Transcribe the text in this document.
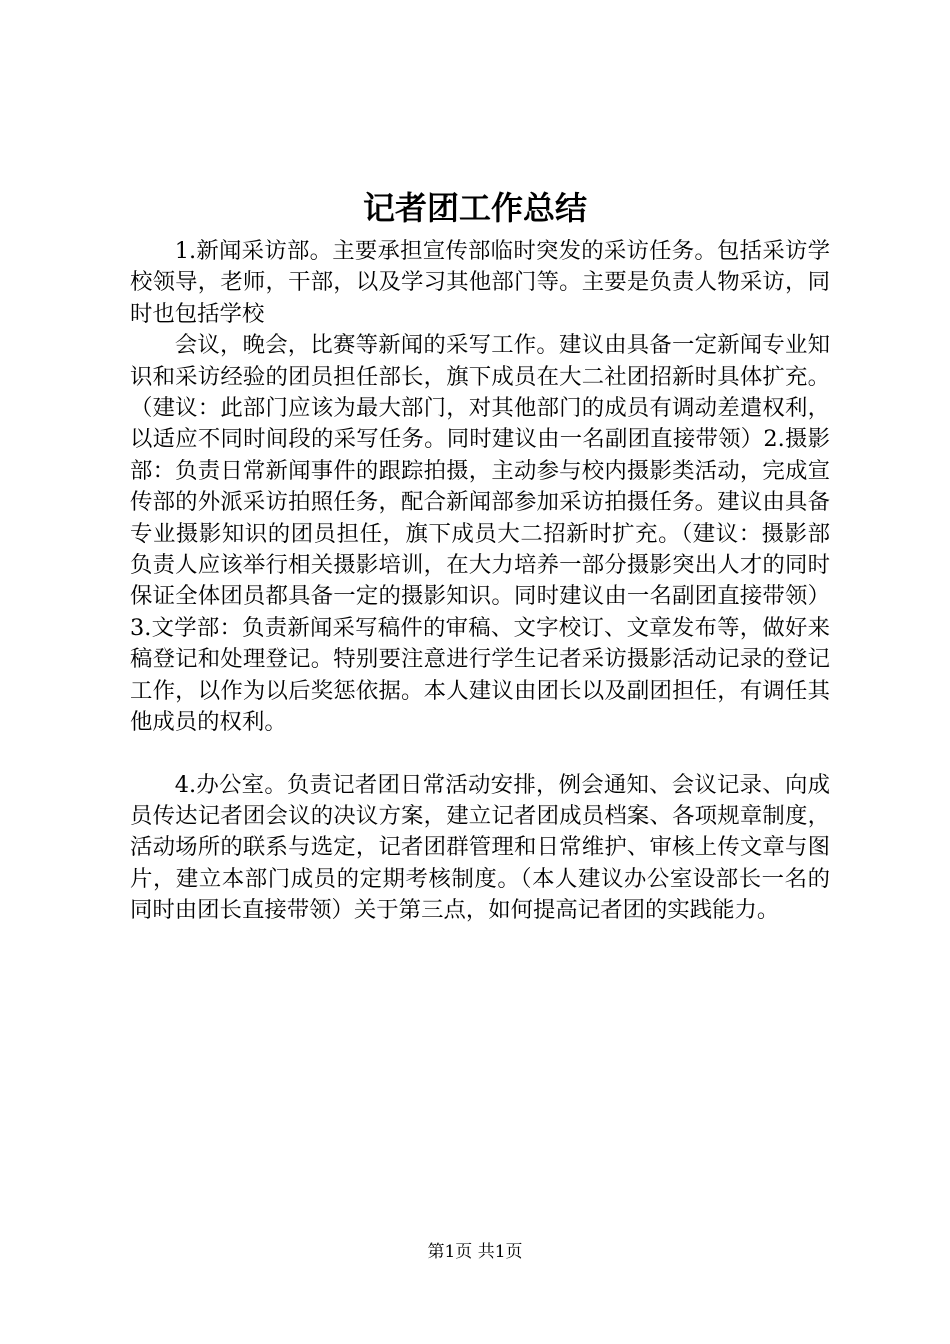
记者团工作总结

1.新闻采访部。主要承担宣传部临时突发的采访任务。包括采访学校领导，老师，干部，以及学习其他部门等。主要是负责人物采访，同时也包括学校

会议，晚会，比赛等新闻的采写工作。建议由具备一定新闻专业知识和采访经验的团员担任部长，旗下成员在大二社团招新时具体扩充。（建议：此部门应该为最大部门，对其他部门的成员有调动差遣权利，以适应不同时间段的采写任务。同时建议由一名副团直接带领）2.摄影部：负责日常新闻事件的跟踪拍摄，主动参与校内摄影类活动，完成宣传部的外派采访拍照任务，配合新闻部参加采访拍摄任务。建议由具备专业摄影知识的团员担任，旗下成员大二招新时扩充。（建议：摄影部负责人应该举行相关摄影培训，在大力培养一部分摄影突出人才的同时保证全体团员都具备一定的摄影知识。同时建议由一名副团直接带领）3.文学部：负责新闻采写稿件的审稿、文字校订、文章发布等，做好来稿登记和处理登记。特别要注意进行学生记者采访摄影活动记录的登记工作，以作为以后奖惩依据。本人建议由团长以及副团担任，有调任其他成员的权利。

4.办公室。负责记者团日常活动安排，例会通知、会议记录、向成员传达记者团会议的决议方案，建立记者团成员档案、各项规章制度，活动场所的联系与选定，记者团群管理和日常维护、审核上传文章与图片，建立本部门成员的定期考核制度。（本人建议办公室设部长一名的同时由团长直接带领）关于第三点，如何提高记者团的实践能力。

第1页 共1页
